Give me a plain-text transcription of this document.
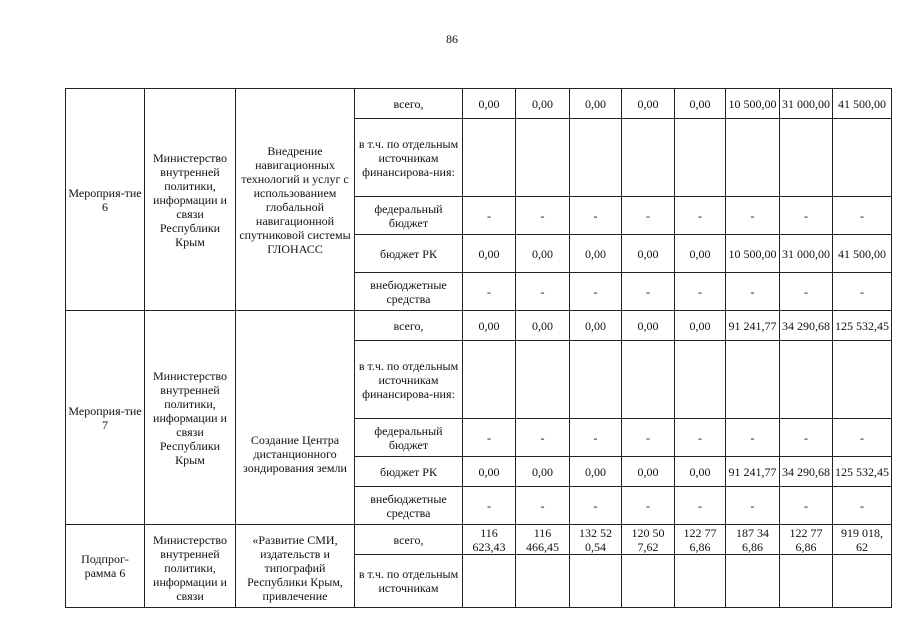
86
Мероприя-тие 6	Министерство внутренней политики, информации и связи Республики Крым	Внедрение навигационных технологий и услуг с использованием глобальной навигационной спутниковой системы ГЛОНАСС	всего,	0,00	0,00	0,00	0,00	0,00	10 500,00	31 000,00	41 500,00
			в т.ч. по отдельным источникам финансирова-ния:								
			федеральный бюджет	-	-	-	-	-	-	-	-
			бюджет РК	0,00	0,00	0,00	0,00	0,00	10 500,00	31 000,00	41 500,00
			внебюджетные средства	-	-	-	-	-	-	-	-
Мероприя-тие 7	Министерство внутренней политики, информации и связи Республики Крым	Создание Центра дистанционного зондирования земли	всего,	0,00	0,00	0,00	0,00	0,00	91 241,77	34 290,68	125 532,45
			в т.ч. по отдельным источникам финансирова-ния:								
			федеральный бюджет	-	-	-	-	-	-	-	-
			бюджет РК	0,00	0,00	0,00	0,00	0,00	91 241,77	34 290,68	125 532,45
			внебюджетные средства	-	-	-	-	-	-	-	-
Подпрог-рамма 6	Министерство внутренней политики, информации и связи	«Развитие СМИ, издательств и типографий Республики Крым, привлечение	всего,	116 623,43	116 466,45	132 52 0,54	120 50 7,62	122 77 6,86	187 34 6,86	122 77 6,86	919 018, 62
			в т.ч. по отдельным источникам								
